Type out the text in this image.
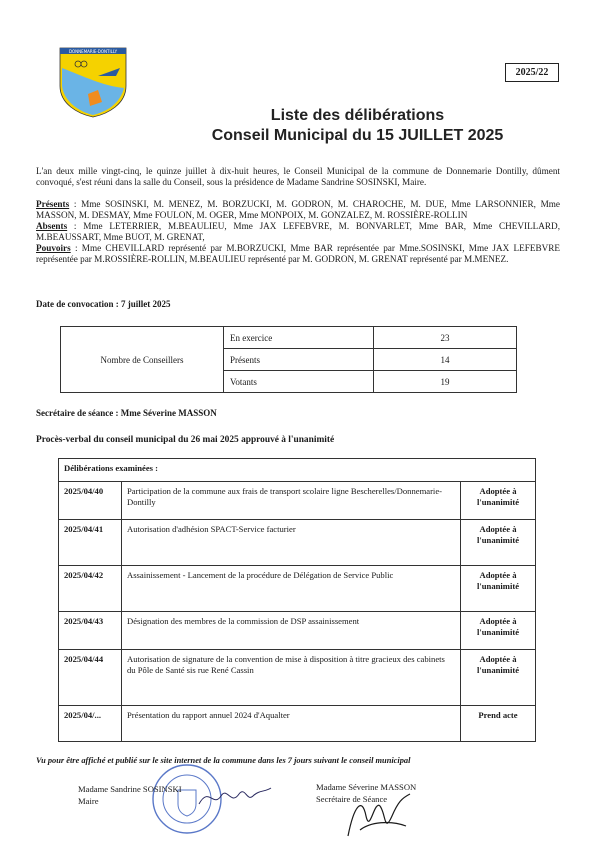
DONNEMARIE-DONTILLY
2025/22
Liste des délibérations
Conseil Municipal du 15 JUILLET 2025
L'an deux mille vingt-cinq, le quinze juillet à dix-huit heures, le Conseil Municipal de la commune de Donnemarie Dontilly, dûment convoqué, s'est réuni dans la salle du Conseil, sous la présidence de Madame Sandrine SOSINSKI, Maire.
Présents : Mme SOSINSKI, M. MENEZ, M. BORZUCKI, M. GODRON, M. CHAROCHE, M. DUE, Mme LARSONNIER, Mme MASSON, M. DESMAY, Mme FOULON, M. OGER, Mme MONPOIX, M. GONZALEZ, M. ROSSIÈRE-ROLLIN
Absents : Mme LETERRIER, M.BEAULIEU, Mme JAX LEFEBVRE, M. BONVARLET, Mme BAR, Mme CHEVILLARD, M.BEAUSSART, Mme BUOT, M. GRENAT,
Pouvoirs : Mme CHEVILLARD représenté par M.BORZUCKI, Mme BAR représentée par Mme.SOSINSKI, Mme JAX LEFEBVRE représentée par M.ROSSIÈRE-ROLLIN, M.BEAULIEU représenté par M. GODRON, M. GRENAT représenté par M.MENEZ.
Date de convocation : 7 juillet 2025
Nombre de Conseillers	En exercice	23
	Présents	14
	Votants	19
Secrétaire de séance : Mme Séverine MASSON
Procès-verbal du conseil municipal du 26 mai 2025 approuvé à l'unanimité
Délibérations examinées :		
2025/04/40	Participation de la commune aux frais de transport scolaire ligne Bescherelles/Donnemarie-Dontilly	Adoptée à l'unanimité
2025/04/41	Autorisation d'adhésion SPACT-Service facturier	Adoptée à l'unanimité
2025/04/42	Assainissement - Lancement de la procédure de Délégation de Service Public	Adoptée à l'unanimité
2025/04/43	Désignation des membres de la commission de DSP assainissement	Adoptée à l'unanimité
2025/04/44	Autorisation de signature de la convention de mise à disposition à titre gracieux des cabinets du Pôle de Santé sis rue René Cassin	Adoptée à l'unanimité
2025/04/...	Présentation du rapport annuel 2024 d'Aqualter	Prend acte
Vu pour être affiché et publié sur le site internet de la commune dans les 7 jours suivant le conseil municipal
Madame Sandrine SOSINSKI
Maire
Madame Séverine MASSON
Secrétaire de Séance
